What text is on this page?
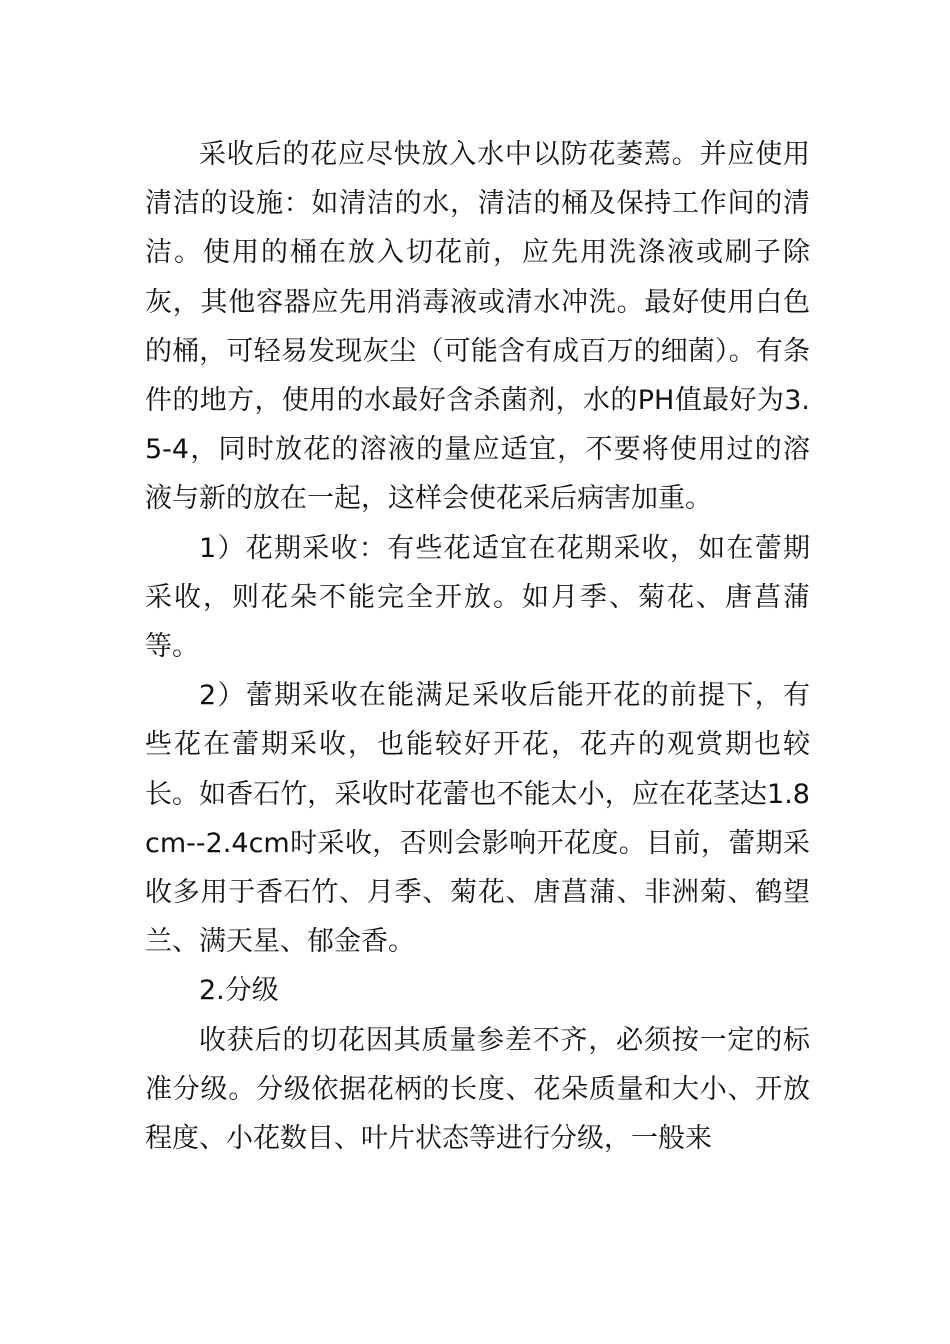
采收后的花应尽快放入水中以防花萎蔫。并应使用清洁的设施：如清洁的水，清洁的桶及保持工作间的清洁。使用的桶在放入切花前，应先用洗涤液或刷子除灰，其他容器应先用消毒液或清水冲洗。最好使用白色的桶，可轻易发现灰尘（可能含有成百万的细菌）。有条件的地方，使用的水最好含杀菌剂，水的PH值最好为3.5-4，同时放花的溶液的量应适宜，不要将使用过的溶液与新的放在一起，这样会使花采后病害加重。

1）花期采收：有些花适宜在花期采收，如在蕾期采收，则花朵不能完全开放。如月季、菊花、唐菖蒲等。

2）蕾期采收在能满足采收后能开花的前提下，有些花在蕾期采收，也能较好开花，花卉的观赏期也较长。如香石竹，采收时花蕾也不能太小，应在花茎达1.8cm--2.4cm时采收，否则会影响开花度。目前，蕾期采收多用于香石竹、月季、菊花、唐菖蒲、非洲菊、鹤望兰、满天星、郁金香。

2.分级

收获后的切花因其质量参差不齐，必须按一定的标准分级。分级依据花柄的长度、花朵质量和大小、开放程度、小花数目、叶片状态等进行分级，一般来
